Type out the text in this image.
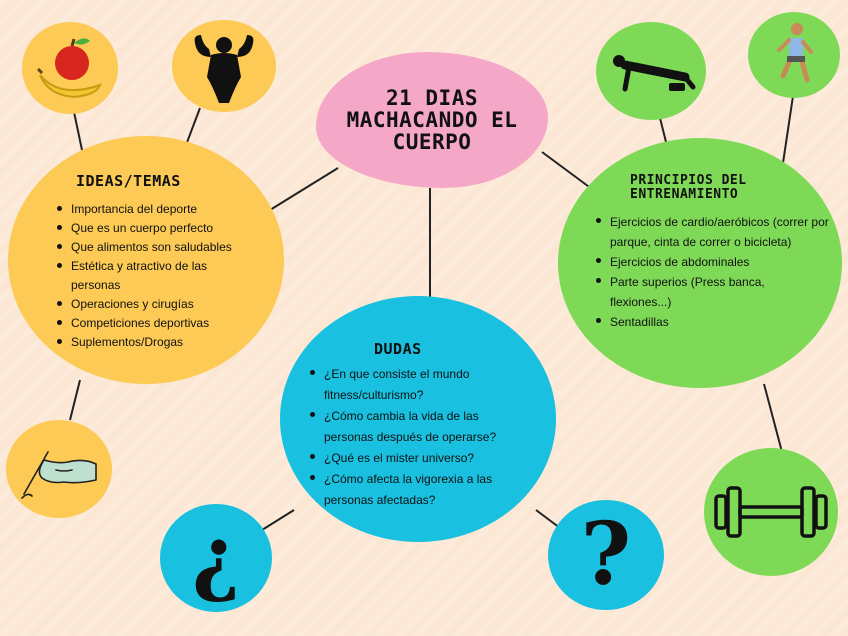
21 DIAS
MACHACANDO EL
CUERPO
IDEAS/TEMAS
Importancia del deporte
Que es un cuerpo perfecto
Que alimentos son saludables
Estética y atractivo de las personas
Operaciones y cirugías
Competiciones deportivas
Suplementos/Drogas
PRINCIPIOS DEL
ENTRENAMIENTO
Ejercicios de cardio/aeróbicos (correr por parque, cinta de correr o bicicleta)
Ejercicios de abdominales
Parte superios (Press banca, flexiones...)
Sentadillas
DUDAS
¿En que consiste el mundo fitness/culturismo?
¿Cómo cambia la vida de las personas después de operarse?
¿Qué es el mister universo?
¿Cómo afecta la vigorexia a las personas afectadas?
¿	?
